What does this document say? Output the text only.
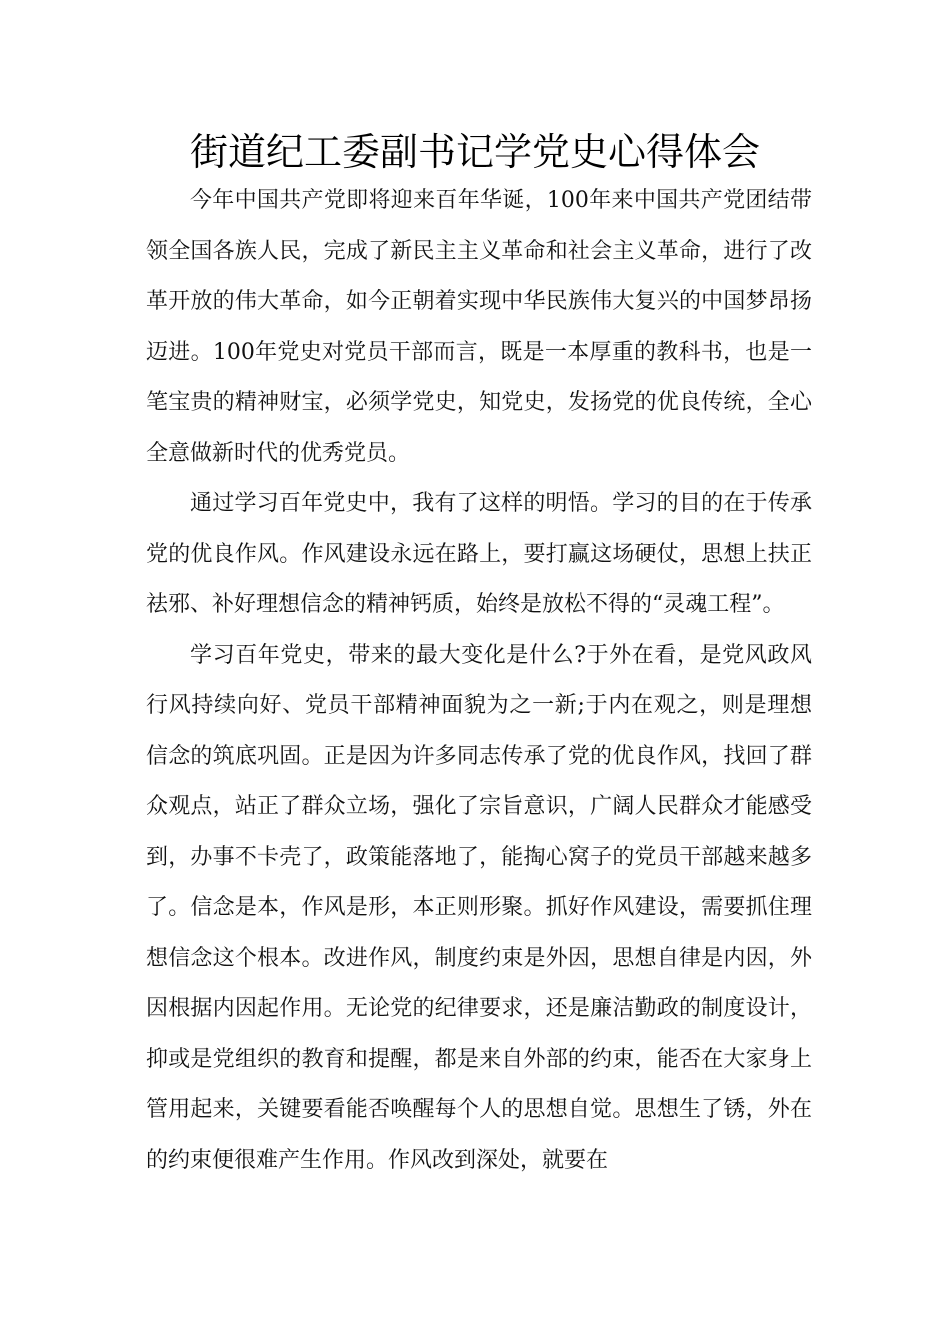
街道纪工委副书记学党史心得体会

今年中国共产党即将迎来百年华诞，100年来中国共产党团结带领全国各族人民，完成了新民主主义革命和社会主义革命，进行了改革开放的伟大革命，如今正朝着实现中华民族伟大复兴的中国梦昂扬迈进。100年党史对党员干部而言，既是一本厚重的教科书，也是一笔宝贵的精神财宝，必须学党史，知党史，发扬党的优良传统，全心全意做新时代的优秀党员。

通过学习百年党史中，我有了这样的明悟。学习的目的在于传承党的优良作风。作风建设永远在路上，要打赢这场硬仗，思想上扶正祛邪、补好理想信念的精神钙质，始终是放松不得的“灵魂工程”。

学习百年党史，带来的最大变化是什么?于外在看，是党风政风行风持续向好、党员干部精神面貌为之一新;于内在观之，则是理想信念的筑底巩固。正是因为许多同志传承了党的优良作风，找回了群众观点，站正了群众立场，强化了宗旨意识，广阔人民群众才能感受到，办事不卡壳了，政策能落地了，能掏心窝子的党员干部越来越多了。信念是本，作风是形，本正则形聚。抓好作风建设，需要抓住理想信念这个根本。改进作风，制度约束是外因，思想自律是内因，外因根据内因起作用。无论党的纪律要求，还是廉洁勤政的制度设计，抑或是党组织的教育和提醒，都是来自外部的约束，能否在大家身上管用起来，关键要看能否唤醒每个人的思想自觉。思想生了锈，外在的约束便很难产生作用。作风改到深处，就要在
